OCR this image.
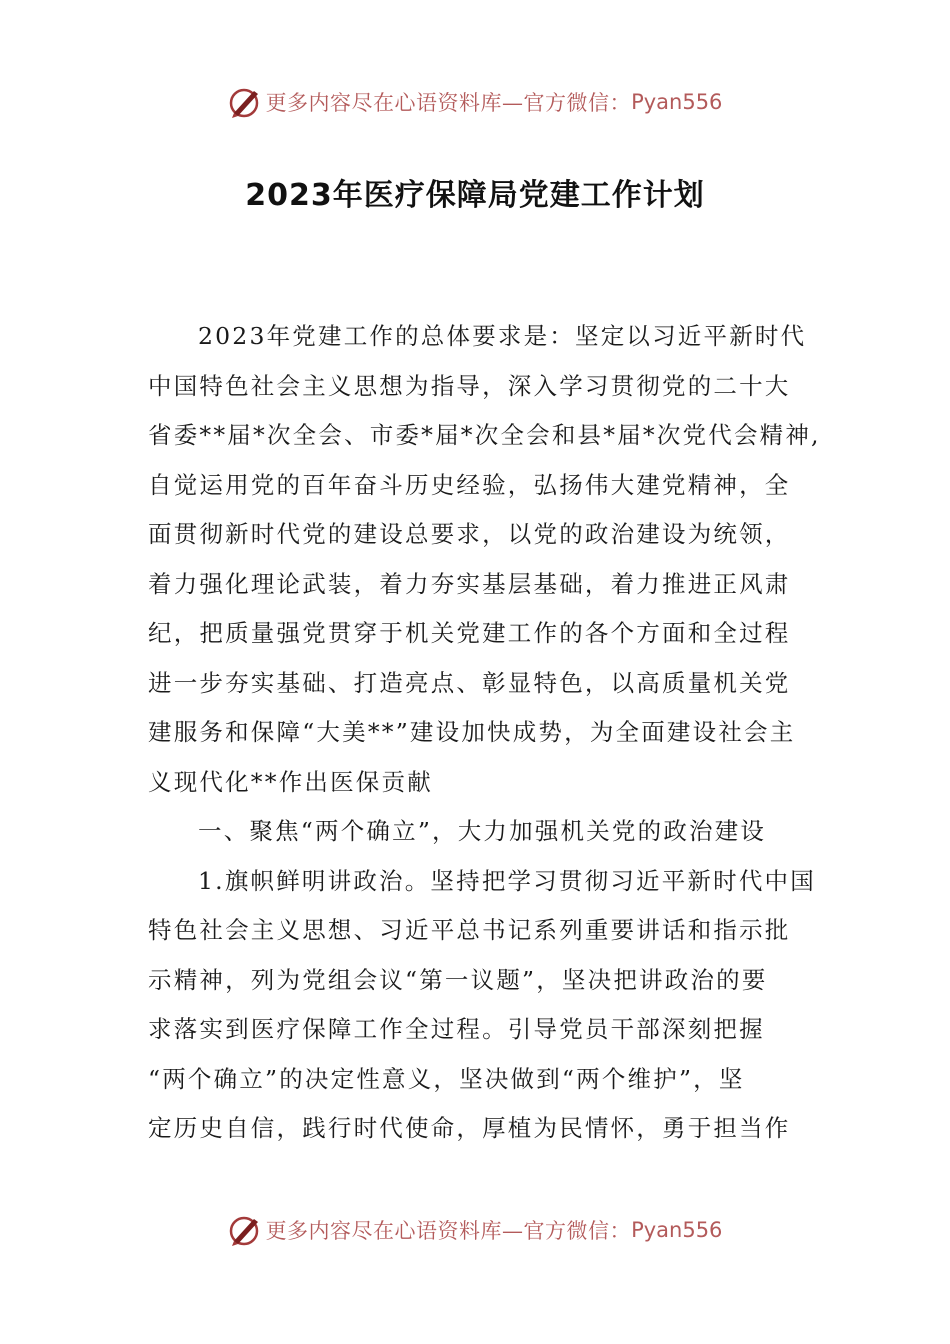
更多内容尽在心语资料库—官方微信： Pyan556
2023年医疗保障局党建工作计划

2023年党建工作的总体要求是：坚定以习近平新时代
中国特色社会主义思想为指导，深入学习贯彻党的二十大
省委**届*次全会、市委*届*次全会和县*届*次党代会精神,
自觉运用党的百年奋斗历史经验，弘扬伟大建党精神，全
面贯彻新时代党的建设总要求，以党的政治建设为统领，
着力强化理论武装，着力夯实基层基础，着力推进正风肃
纪，把质量强党贯穿于机关党建工作的各个方面和全过程
进一步夯实基础、打造亮点、彰显特色，以高质量机关党
建服务和保障“大美**”建设加快成势，为全面建设社会主
义现代化**作出医保贡献

一、聚焦“两个确立”，大力加强机关党的政治建设

1.旗帜鲜明讲政治。坚持把学习贯彻习近平新时代中国
特色社会主义思想、习近平总书记系列重要讲话和指示批
示精神，列为党组会议“第一议题”，坚决把讲政治的要
求落实到医疗保障工作全过程。引导党员干部深刻把握
“两个确立”的决定性意义，坚决做到“两个维护”，坚
定历史自信，践行时代使命，厚植为民情怀，勇于担当作

更多内容尽在心语资料库—官方微信： Pyan556
